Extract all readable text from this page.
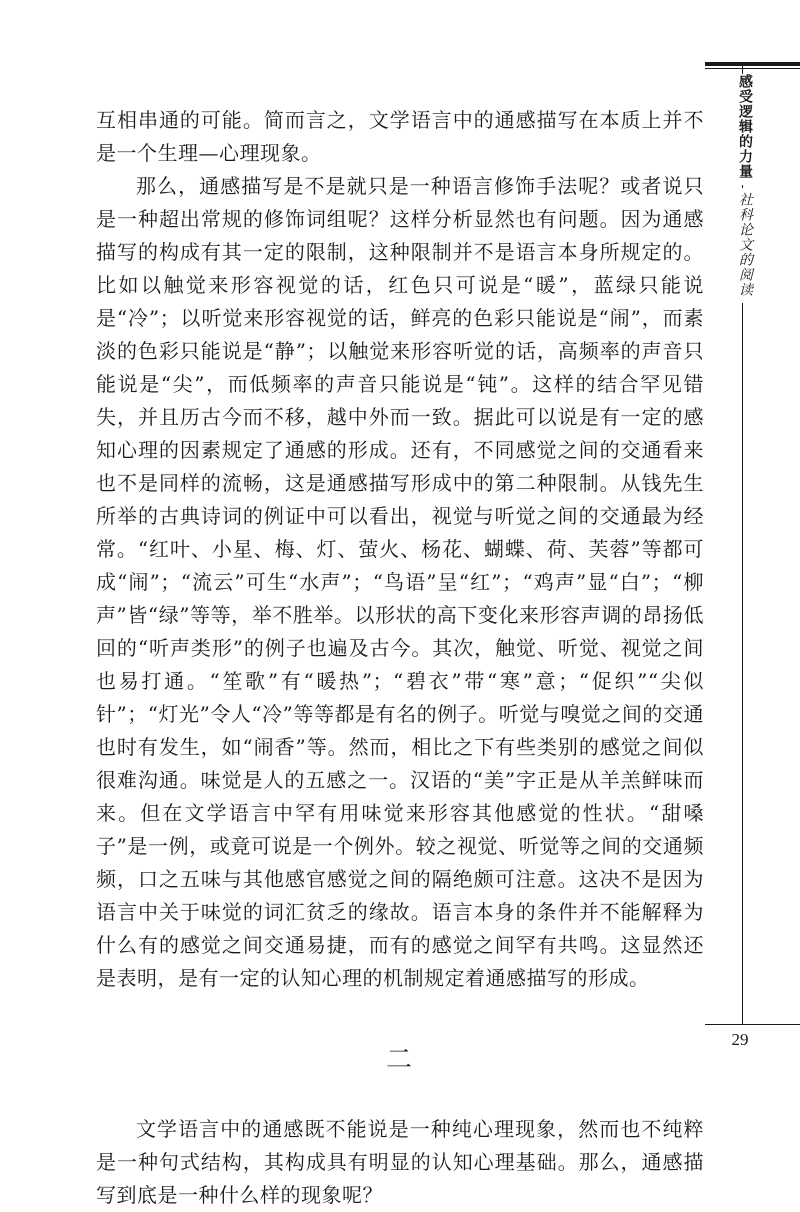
互相串通的可能。简而言之，文学语言中的通感描写在本质上并不是一个生理—心理现象。

那么，通感描写是不是就只是一种语言修饰手法呢？或者说只是一种超出常规的修饰词组呢？这样分析显然也有问题。因为通感描写的构成有其一定的限制，这种限制并不是语言本身所规定的。比如以触觉来形容视觉的话，红色只可说是“暖”，蓝绿只能说是“冷”；以听觉来形容视觉的话，鲜亮的色彩只能说是“闹”，而素淡的色彩只能说是“静”；以触觉来形容听觉的话，高频率的声音只能说是“尖”，而低频率的声音只能说是“钝”。这样的结合罕见错失，并且历古今而不移，越中外而一致。据此可以说是有一定的感知心理的因素规定了通感的形成。还有，不同感觉之间的交通看来也不是同样的流畅，这是通感描写形成中的第二种限制。从钱先生所举的古典诗词的例证中可以看出，视觉与听觉之间的交通最为经常。“红叶、小星、梅、灯、萤火、杨花、蝴蝶、荷、芙蓉”等都可成“闹”；“流云”可生“水声”；“鸟语”呈“红”；“鸡声”显“白”；“柳声”皆“绿”等等，举不胜举。以形状的高下变化来形容声调的昂扬低回的“听声类形”的例子也遍及古今。其次，触觉、听觉、视觉之间也易打通。“笙歌”有“暖热”；“碧衣”带“寒”意；“促织”“尖似针”；“灯光”令人“冷”等等都是有名的例子。听觉与嗅觉之间的交通也时有发生，如“闹香”等。然而，相比之下有些类别的感觉之间似很难沟通。味觉是人的五感之一。汉语的“美”字正是从羊羔鲜味而来。但在文学语言中罕有用味觉来形容其他感觉的性状。“甜嗓子”是一例，或竟可说是一个例外。较之视觉、听觉等之间的交通频频，口之五味与其他感官感觉之间的隔绝颇可注意。这决不是因为语言中关于味觉的词汇贫乏的缘故。语言本身的条件并不能解释为什么有的感觉之间交通易捷，而有的感觉之间罕有共鸣。这显然还是表明，是有一定的认知心理的机制规定着通感描写的形成。

二

文学语言中的通感既不能说是一种纯心理现象，然而也不纯粹是一种句式结构，其构成具有明显的认知心理基础。那么，通感描写到底是一种什么样的现象呢？

感受逻辑的力量
社科论文的阅读
29
